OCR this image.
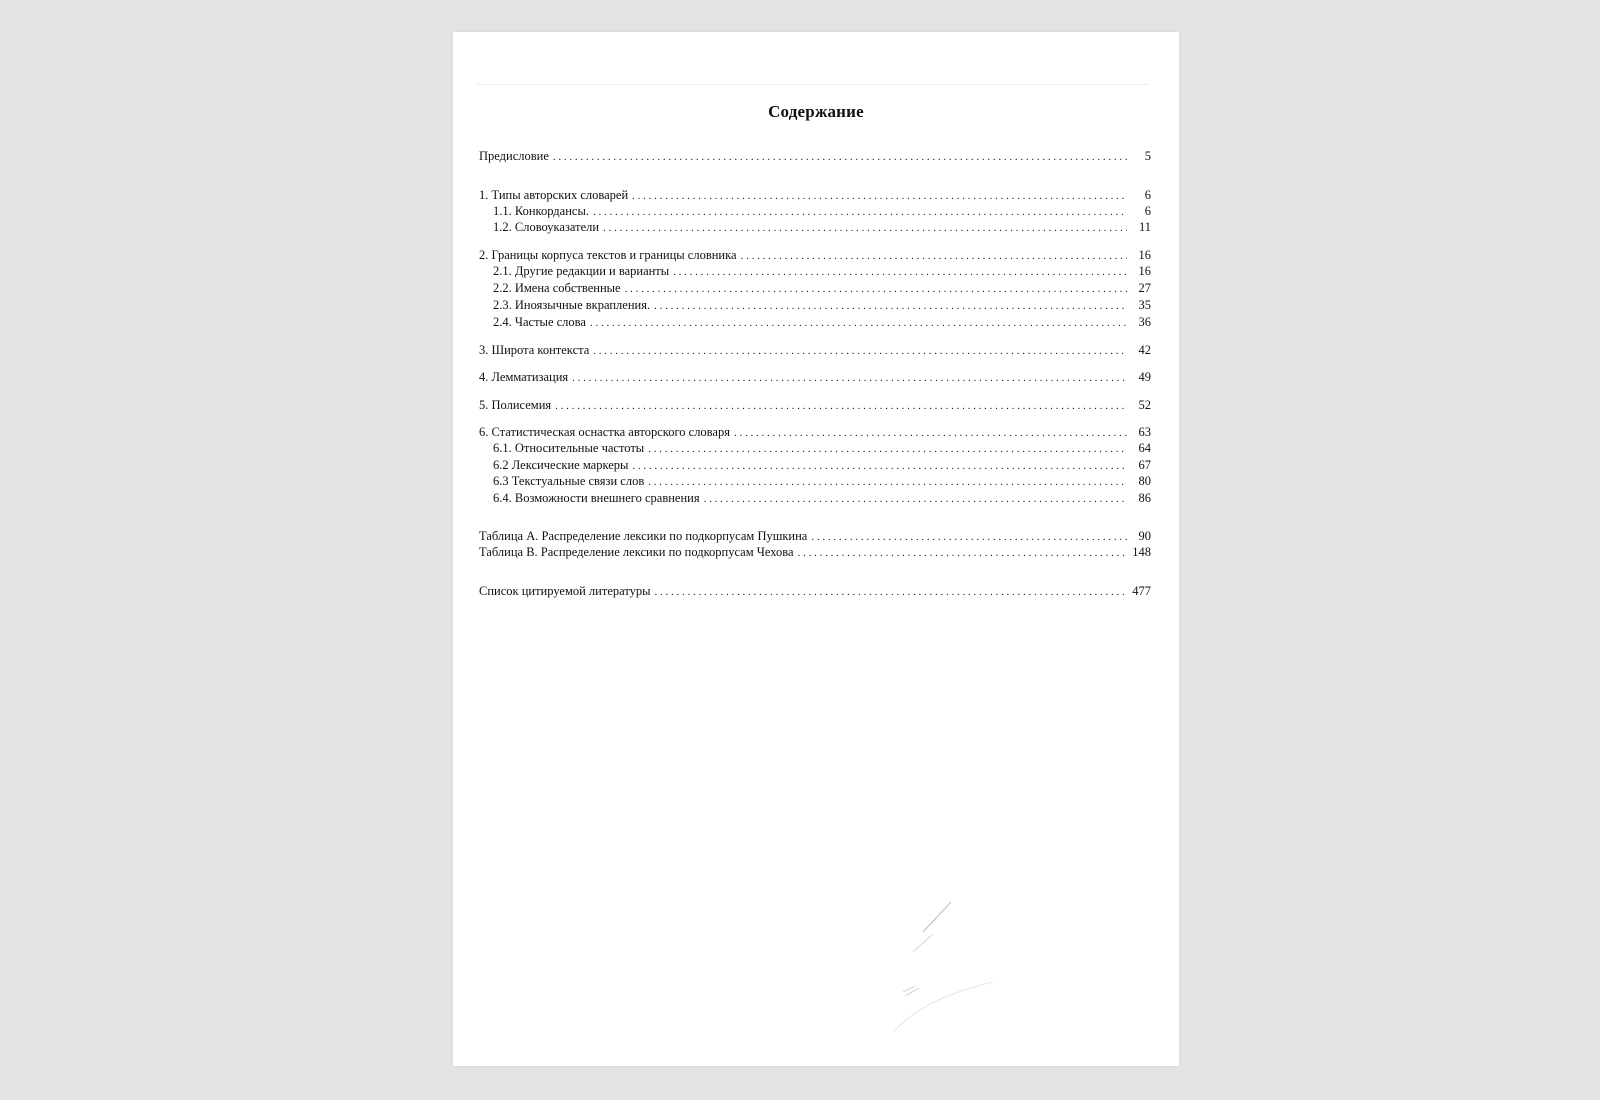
Содержание
Предисловие . . .	5
1. Типы авторских словарей . . .	6
1.1. Конкордансы. . . .	6
1.2. Словоуказатели . . .	11
2. Границы корпуса текстов и границы словника . . .	16
2.1. Другие редакции и варианты . . .	16
2.2. Имена собственные . . .	27
2.3. Иноязычные вкрапления. . . .	35
2.4. Частые слова . . .	36
3. Широта контекста . . .	42
4. Лемматизация . . .	49
5. Полисемия . . .	52
6. Статистическая оснастка авторского словаря . . .	63
6.1. Относительные частоты . . .	64
6.2 Лексические маркеры . . .	67
6.3 Текстуальные связи слов . . .	80
6.4. Возможности внешнего сравнения . . .	86
Таблица А. Распределение лексики по подкорпусам Пушкина . . .	90
Таблица В. Распределение лексики по подкорпусам Чехова . . .	148
Список цитируемой литературы . . .	477
